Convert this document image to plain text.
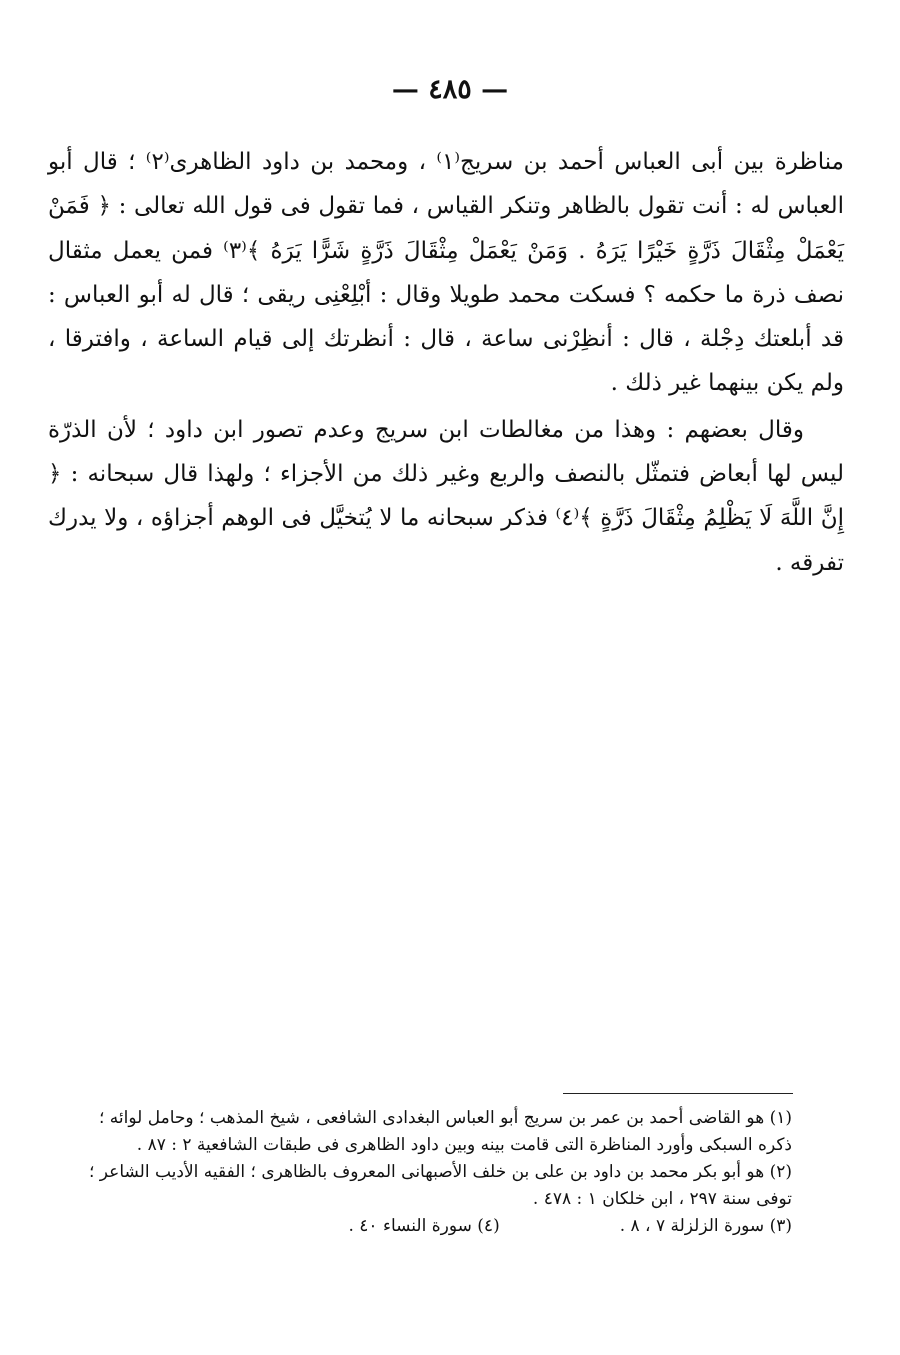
— ٤٨٥ —

مناظرة بين أبى العباس أحمد بن سريج⁽١⁾ ، ومحمد بن داود الظاهرى⁽٢⁾ ؛ قال أبو العباس له : أنت تقول بالظاهر وتنكر القياس ، فما تقول فى قول الله تعالى : ﴿ فَمَنْ يَعْمَلْ مِثْقَالَ ذَرَّةٍ خَيْرًا يَرَهُ . وَمَنْ يَعْمَلْ مِثْقَالَ ذَرَّةٍ شَرًّا يَرَهُ ﴾⁽٣⁾ فمن يعمل مثقال نصف ذرة ما حكمه ؟ فسكت محمد طويلا وقال : أبْلِعْنِى ريقى ؛ قال له أبو العباس : قد أبلعتك دِجْلة ، قال : أنظِرْنى ساعة ، قال : أنظرتك إلى قيام الساعة ، وافترقا ، ولم يكن بينهما غير ذلك .

وقال بعضهم : وهذا من مغالطات ابن سريج وعدم تصور ابن داود ؛ لأن الذرّة ليس لها أبعاض فتمثّل بالنصف والربع وغير ذلك من الأجزاء ؛ ولهذا قال سبحانه : ﴿ إِنَّ اللَّهَ لَا يَظْلِمُ مِثْقَالَ ذَرَّةٍ ﴾⁽٤⁾ فذكر سبحانه ما لا يُتخيَّل فى الوهم أجزاؤه ، ولا يدرك تفرقه .

(١) هو القاضى أحمد بن عمر بن سريج أبو العباس البغدادى الشافعى ، شيخ المذهب ؛ وحامل لوائه ؛

ذكره السبكى وأورد المناظرة التى قامت بينه وبين داود الظاهرى فى طبقات الشافعية ٢ : ٨٧ .

(٢) هو أبو بكر محمد بن داود بن على بن خلف الأصبهانى المعروف بالظاهرى ؛ الفقيه الأديب الشاعر ؛

توفى سنة ٢٩٧ ، ابن خلكان ١ : ٤٧٨ .

(٣) سورة الزلزلة ٧ ، ٨ .
(٤) سورة النساء ٤٠ .
